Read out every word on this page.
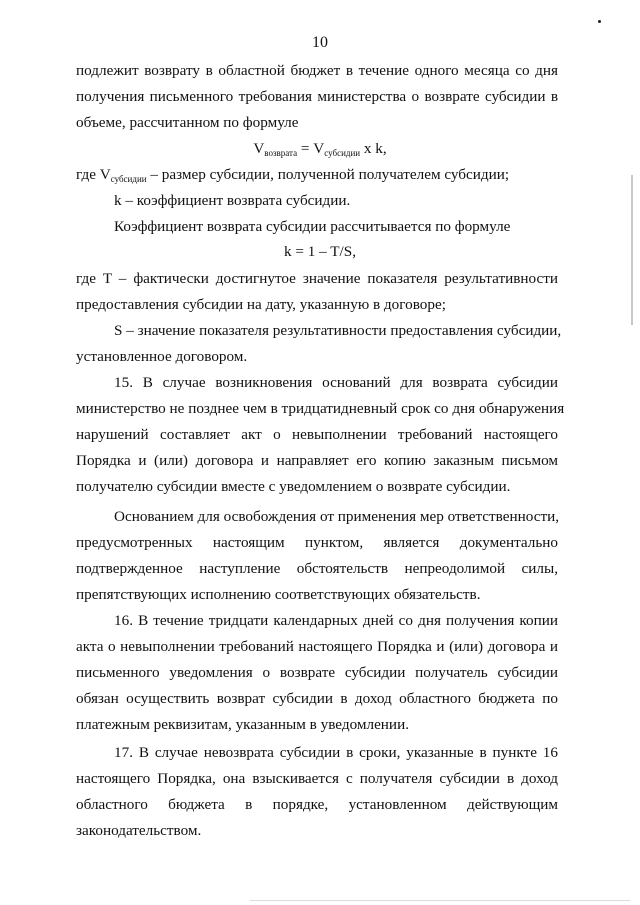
10
подлежит возврату в областной бюджет в течение одного месяца со дня
получения письменного требования министерства о возврате субсидии в
объеме, рассчитанном по формуле
$V_{возврата} = V_{субсидии}$ x k,
где $V_{субсидии}$ – размер субсидии, полученной получателем субсидии;
k – коэффициент возврата субсидии.
Коэффициент возврата субсидии рассчитывается по формуле
k = 1 – T/S,
где T – фактически достигнутое значение показателя результативности
предоставления субсидии на дату, указанную в договоре;
S – значение показателя результативности предоставления субсидии,
установленное договором.
15. В случае возникновения оснований для возврата субсидии
министерство не позднее чем в тридцатидневный срок со дня обнаружения
нарушений составляет акт о невыполнении требований настоящего
Порядка и (или) договора и направляет его копию заказным письмом
получателю субсидии вместе с уведомлением о возврате субсидии.
Основанием для освобождения от применения мер ответственности,
предусмотренных настоящим пунктом, является документально
подтвержденное наступление обстоятельств непреодолимой силы,
препятствующих исполнению соответствующих обязательств.
16. В течение тридцати календарных дней со дня получения копии
акта о невыполнении требований настоящего Порядка и (или) договора и
письменного уведомления о возврате субсидии получатель субсидии
обязан осуществить возврат субсидии в доход областного бюджета по
платежным реквизитам, указанным в уведомлении.
17. В случае невозврата субсидии в сроки, указанные в пункте 16
настоящего Порядка, она взыскивается с получателя субсидии в доход
областного бюджета в порядке, установленном действующим
законодательством.
